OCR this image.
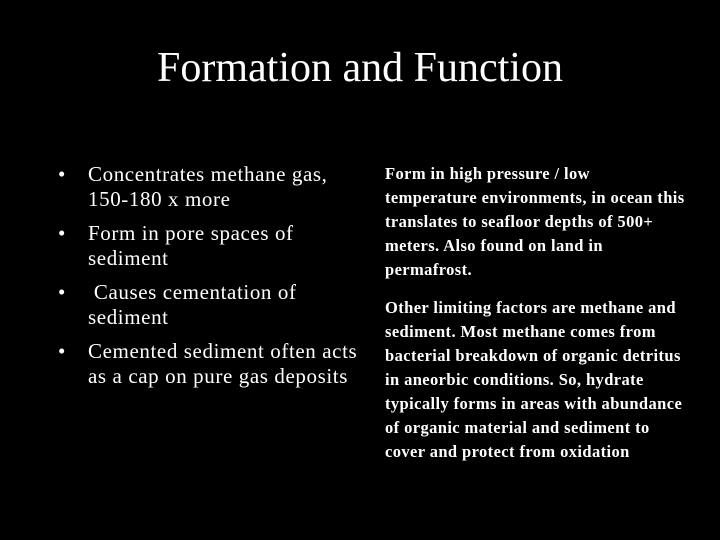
Formation and Function
•	Concentrates methane gas, 150-180 x more
•	Form in pore spaces of sediment
•	Causes cementation of sediment
•	Cemented sediment often acts as a cap on pure gas deposits

Form in high pressure / low temperature environments, in ocean this translates to seafloor depths of 500+ meters. Also found on land in permafrost.

Other limiting factors are methane and sediment. Most methane comes from bacterial breakdown of organic detritus in aneorbic conditions. So, hydrate typically forms in areas with abundance of organic material and sediment to cover and protect from oxidation
